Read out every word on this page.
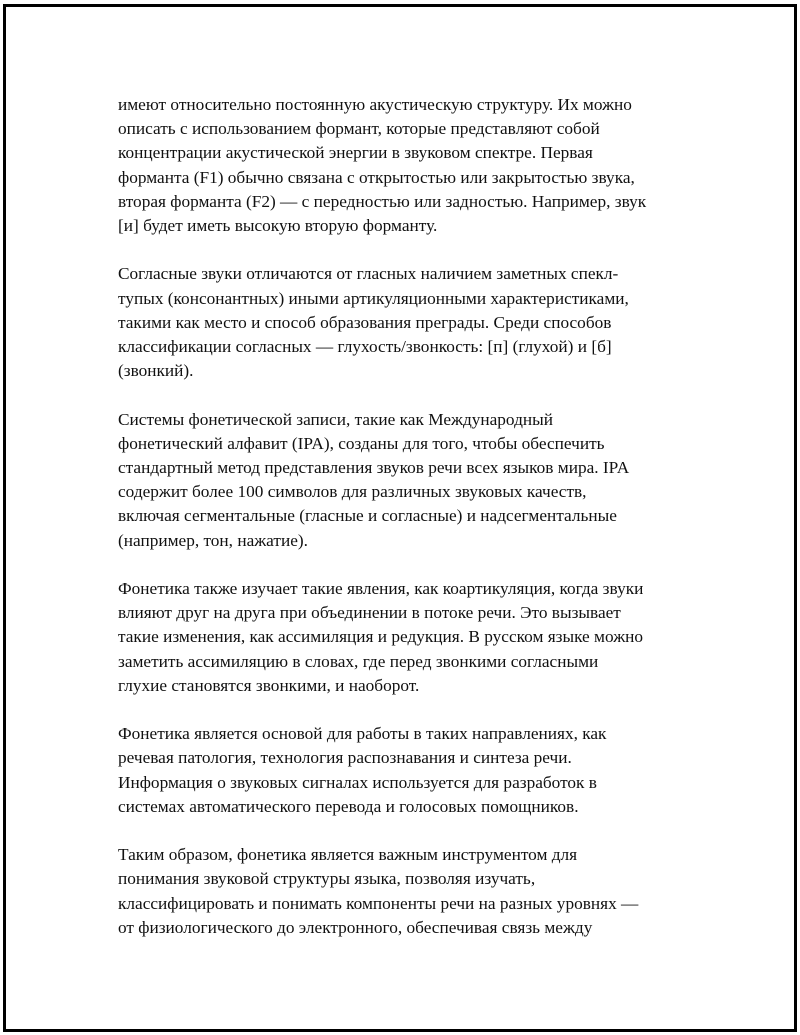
имеют относительно постоянную акустическую структуру. Их можно
описать с использованием формант, которые представляют собой
концентрации акустической энергии в звуковом спектре. Первая
форманта (F1) обычно связана с открытостью или закрытостью звука,
вторая форманта (F2) — с передностью или задностью. Например, звук
[и] будет иметь высокую вторую форманту.

Согласные звуки отличаются от гласных наличием заметных спекл-
тупых (консонантных) иными артикуляционными характеристиками,
такими как место и способ образования преграды. Среди способов
классификации согласных — глухость/звонкость: [п] (глухой) и [б]
(звонкий).

Системы фонетической записи, такие как Международный
фонетический алфавит (IPA), созданы для того, чтобы обеспечить
стандартный метод представления звуков речи всех языков мира. IPA
содержит более 100 символов для различных звуковых качеств,
включая сегментальные (гласные и согласные) и надсегментальные
(например, тон, нажатие).

Фонетика также изучает такие явления, как коартикуляция, когда звуки
влияют друг на друга при объединении в потоке речи. Это вызывает
такие изменения, как ассимиляция и редукция. В русском языке можно
заметить ассимиляцию в словах, где перед звонкими согласными
глухие становятся звонкими, и наоборот.

Фонетика является основой для работы в таких направлениях, как
речевая патология, технология распознавания и синтеза речи.
Информация о звуковых сигналах используется для разработок в
системах автоматического перевода и голосовых помощников.

Таким образом, фонетика является важным инструментом для
понимания звуковой структуры языка, позволяя изучать,
классифицировать и понимать компоненты речи на разных уровнях —
от физиологического до электронного, обеспечивая связь между
